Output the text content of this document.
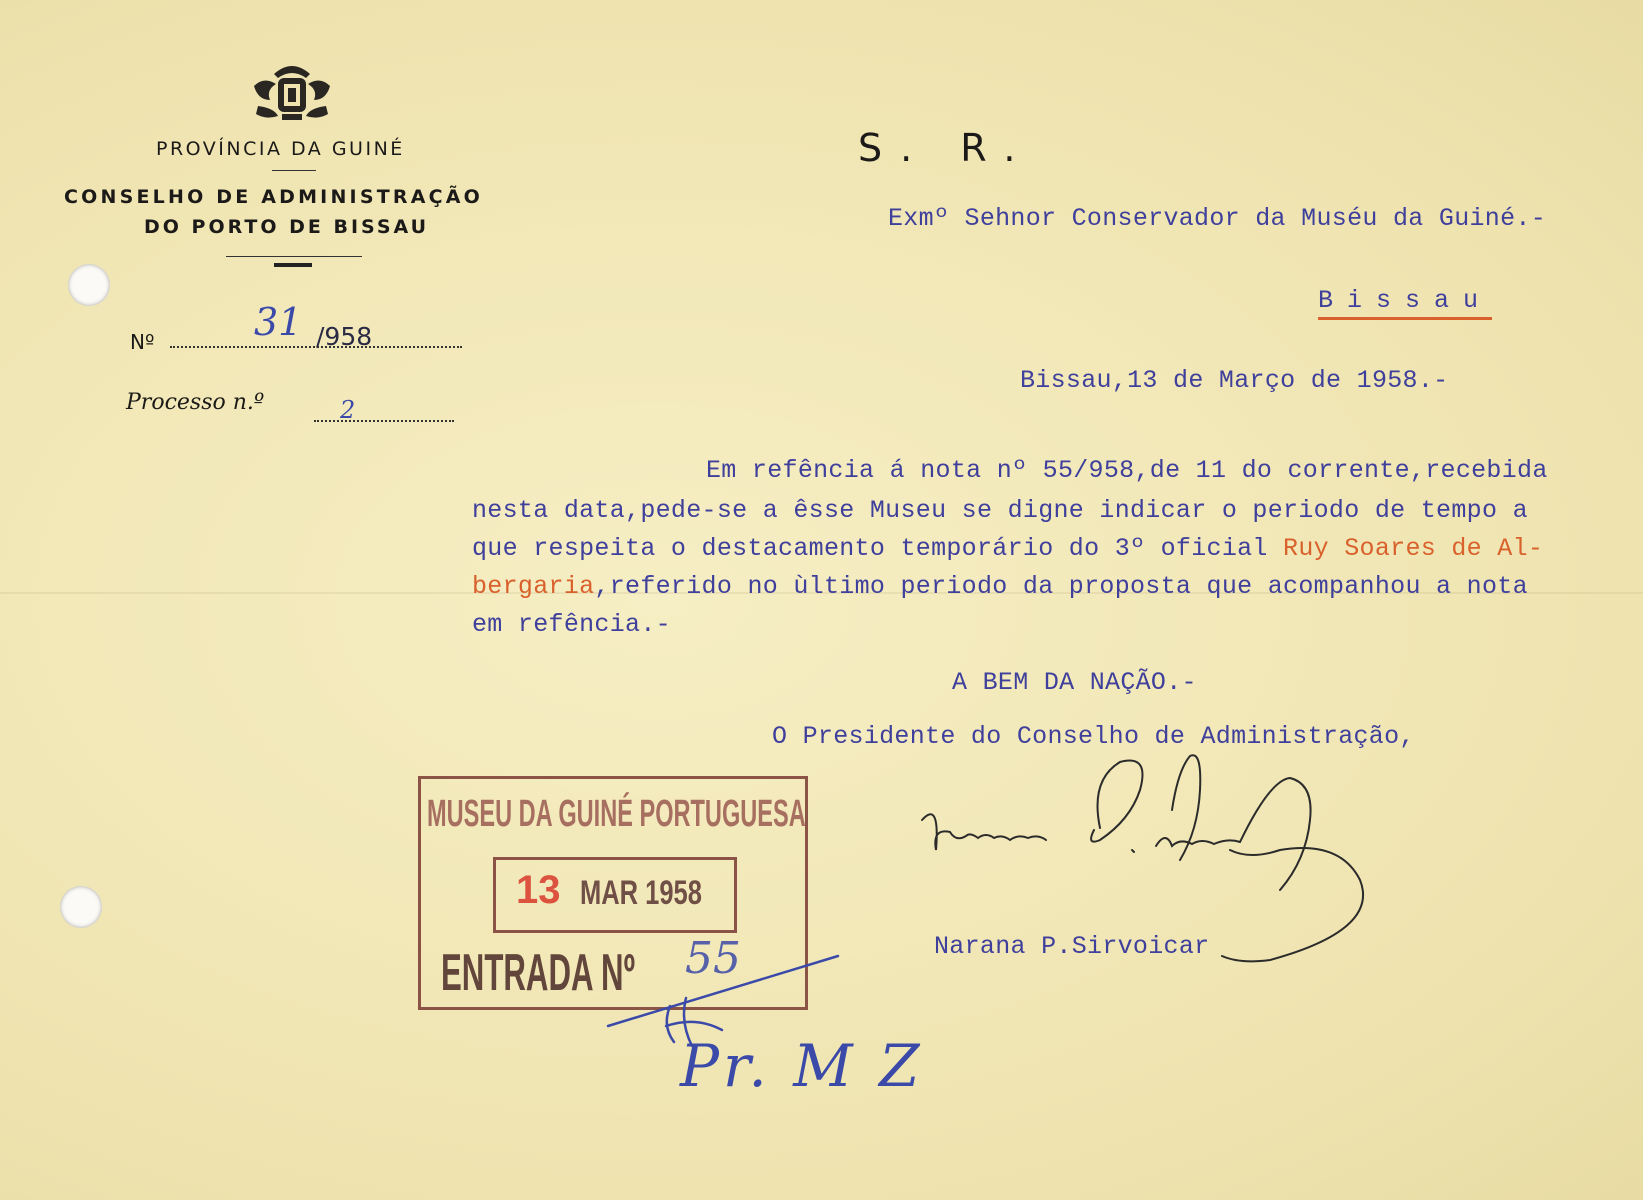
PROVÍNCIA DA GUINÉ
CONSELHO DE ADMINISTRAÇÃO
DO PORTO DE BISSAU
Nº	31 /958
Processo n.º	2
S. R.
Exmº Sehnor Conservador da Muséu da Guiné.-
Bissau
Bissau,13 de Março de 1958.-
Em refência á nota nº 55/958,de 11 do corrente,recebida
nesta data,pede-se a êsse Museu se digne indicar o periodo de tempo a
que respeita o destacamento temporário do 3º oficial Ruy Soares de Al-
bergaria,referido no ùltimo periodo da proposta que acompanhou a nota
em refência.-
A BEM DA NAÇÃO.-
O Presidente do Conselho de Administração,
Narana P.Sirvoicar
MUSEU DA GUINÉ PORTUGUESA
13 MAR 1958
ENTRADA Nº 55
Pr. M Z
